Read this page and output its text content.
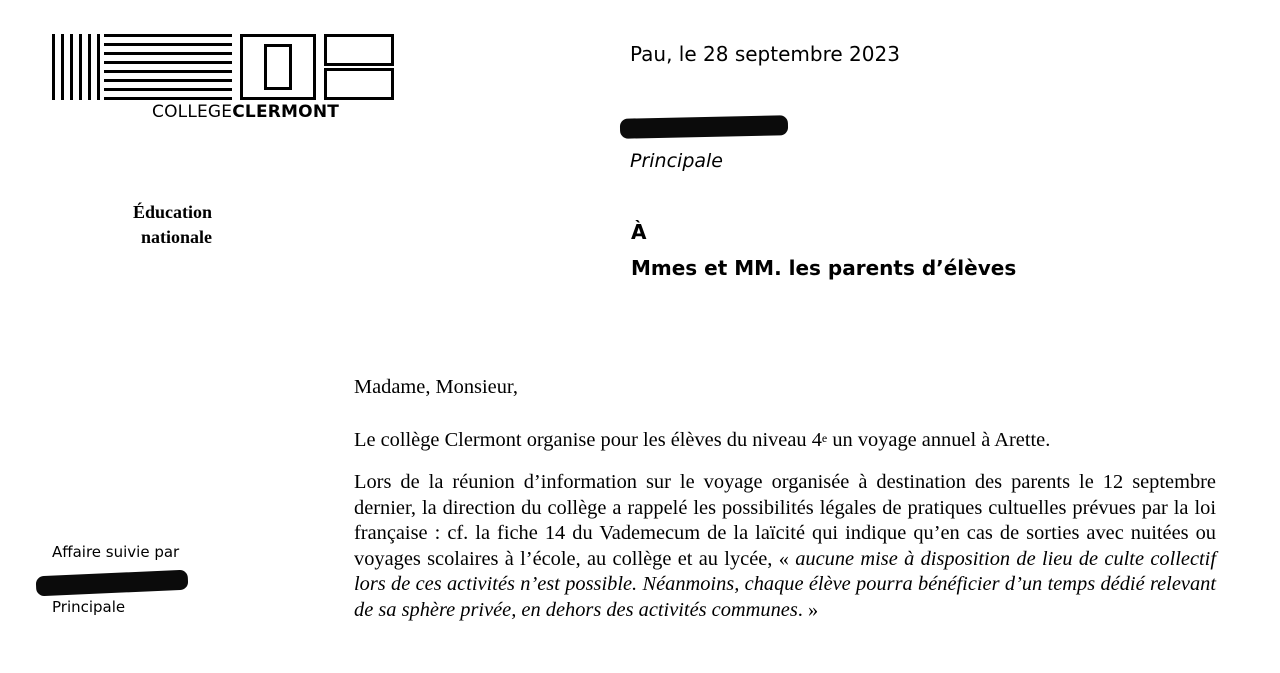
COLLEGECLERMONT
Éducation
nationale
Pau, le 28 septembre 2023
Principale
À
Mmes et MM. les parents d’élèves
Affaire suivie par
Principale
Madame, Monsieur,
Le collège Clermont organise pour les élèves du niveau 4e un voyage annuel à Arette.
Lors de la réunion d’information sur le voyage organisée à destination des parents le 12 septembre dernier, la direction du collège a rappelé les possibilités légales de pratiques cultuelles prévues par la loi française : cf. la fiche 14 du Vademecum de la laïcité qui indique qu’en cas de sorties avec nuitées ou voyages scolaires à l’école, au collège et au lycée, « aucune mise à disposition de lieu de culte collectif lors de ces activités n’est possible. Néanmoins, chaque élève pourra bénéficier d’un temps dédié relevant de sa sphère privée, en dehors des activités communes. »
